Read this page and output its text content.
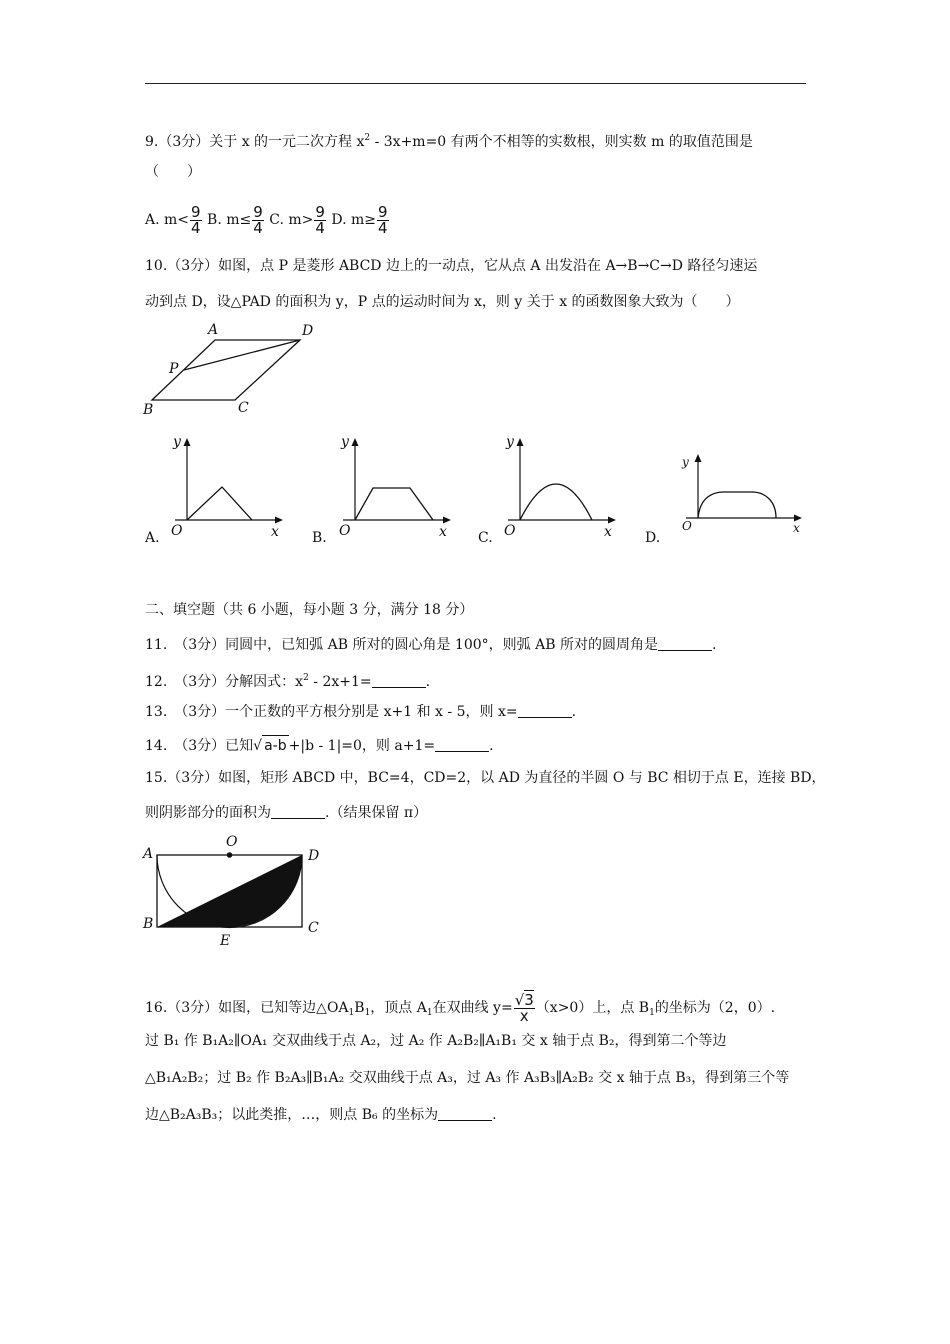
9.（3分）关于 x 的一元二次方程 $x^2 - 3x+m=0$ 有两个不相等的实数根，则实数 m 的取值范围是
（　　）
A. $m< \frac{9}{4} B$. $m\le \frac{9}{4} C$. $m> \frac{9}{4} D$. $m\ge \frac{9}{4}$
10.（3分）如图，点 P 是菱形 ABCD 边上的一动点，它从点 A 出发沿在 A→B→C→D 路径匀速运
动到点 D，设△PAD 的面积为 y，P 点的运动时间为 x，则 y 关于 x 的函数图象大致为（　　）
A	D
P
B	C
y
O	x
A.
y
O	x
B.
y
O	x
C.
y
O	x
D.
二、填空题（共 6 小题，每小题 3 分，满分 18 分）
11.　（3分）同圆中，已知弧 AB 所对的圆心角是 100°，则弧 AB 所对的圆周角是	.
12.　（3分）分解因式：$x^2 - 2x+1=$	.
13.　（3分）一个正数的平方根分别是 x+1 和 x - 5，则 x=	.
14.　（3分）已知√ a-b +|b - 1|=0，则 a+1=	.
15.（3分）如图，矩形 ABCD 中，BC=4，CD=2，以 AD 为直径的半圆 O 与 BC 相切于点 E，连接 BD，
则阴影部分的面积为	.（结果保留 π）
A
O
D
B
E
C
16.（3分）如图，已知等边$\triangle OA_1B_1$，顶点 $A_1$在双曲线 $y= \frac{√3}{x} (x>0)$上，点 $B_1$的坐标为（2，0）.
过 B₁ 作 B₁A₂∥OA₁ 交双曲线于点 A₂，过 A₂ 作 A₂B₂∥A₁B₁ 交 x 轴于点 B₂，得到第二个等边
△B₁A₂B₂；过 B₂ 作 B₂A₃∥B₁A₂ 交双曲线于点 A₃，过 A₃ 作 A₃B₃∥A₂B₂ 交 x 轴于点 B₃，得到第三个等
边△B₂A₃B₃；以此类推，…，则点 B₆ 的坐标为	.
